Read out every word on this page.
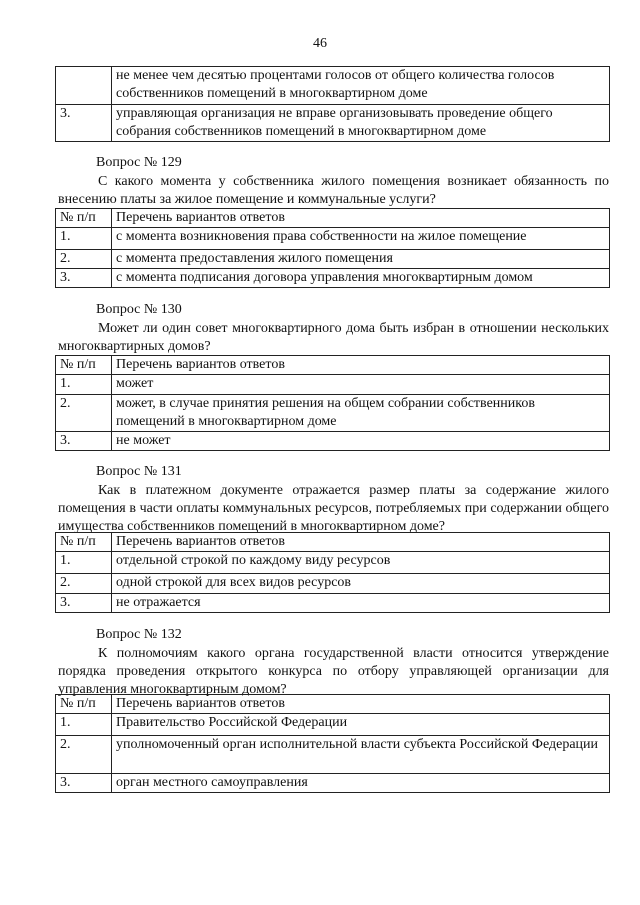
46
	не менее чем десятью процентами голосов от общего количества голосов собственников помещений в многоквартирном доме
3.	управляющая организация не вправе организовывать проведение общего собрания собственников помещений в многоквартирном доме
Вопрос № 129
С какого момента у собственника жилого помещения возникает обязанность по внесению платы за жилое помещение и коммунальные услуги?
№ п/п	Перечень вариантов ответов
1.	с момента возникновения права собственности на жилое помещение
2.	с момента предоставления жилого помещения
3.	с момента подписания договора управления многоквартирным домом
Вопрос № 130
Может ли один совет многоквартирного дома быть избран в отношении нескольких многоквартирных домов?
№ п/п	Перечень вариантов ответов
1.	может
2.	может, в случае принятия решения на общем собрании собственников помещений в многоквартирном доме
3.	не может
Вопрос № 131
Как в платежном документе отражается размер платы за содержание жилого помещения в части оплаты коммунальных ресурсов, потребляемых при содержании общего имущества собственников помещений в многоквартирном доме?
№ п/п	Перечень вариантов ответов
1.	отдельной строкой по каждому виду ресурсов
2.	одной строкой для всех видов ресурсов
3.	не отражается
Вопрос № 132
К полномочиям какого органа государственной власти относится утверждение порядка проведения открытого конкурса по отбору управляющей организации для управления многоквартирным домом?
№ п/п	Перечень вариантов ответов
1.	Правительство Российской Федерации
2.	уполномоченный орган исполнительной власти субъекта Российской Федерации
3.	орган местного самоуправления
